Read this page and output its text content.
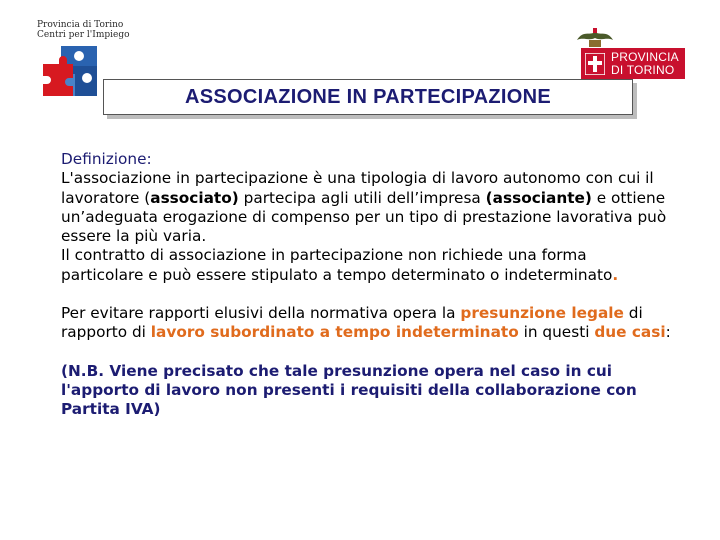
Provincia di Torino
Centri per l'Impiego
PROVINCIA
DI TORINO
ASSOCIAZIONE IN PARTECIPAZIONE

Definizione:
L'associazione in partecipazione è una tipologia di lavoro autonomo con cui il lavoratore (associato) partecipa agli utili dell’impresa (associante) e ottiene un’adeguata erogazione di compenso per un tipo di prestazione lavorativa può essere la più varia.
Il contratto di associazione in partecipazione non richiede una forma particolare e può essere stipulato a tempo determinato o indeterminato.

Per evitare rapporti elusivi della normativa opera la presunzione legale di rapporto di lavoro subordinato a tempo indeterminato in questi due casi:

(N.B. Viene precisato che tale presunzione opera nel caso in cui l'apporto di lavoro non presenti i requisiti della collaborazione con Partita IVA)
